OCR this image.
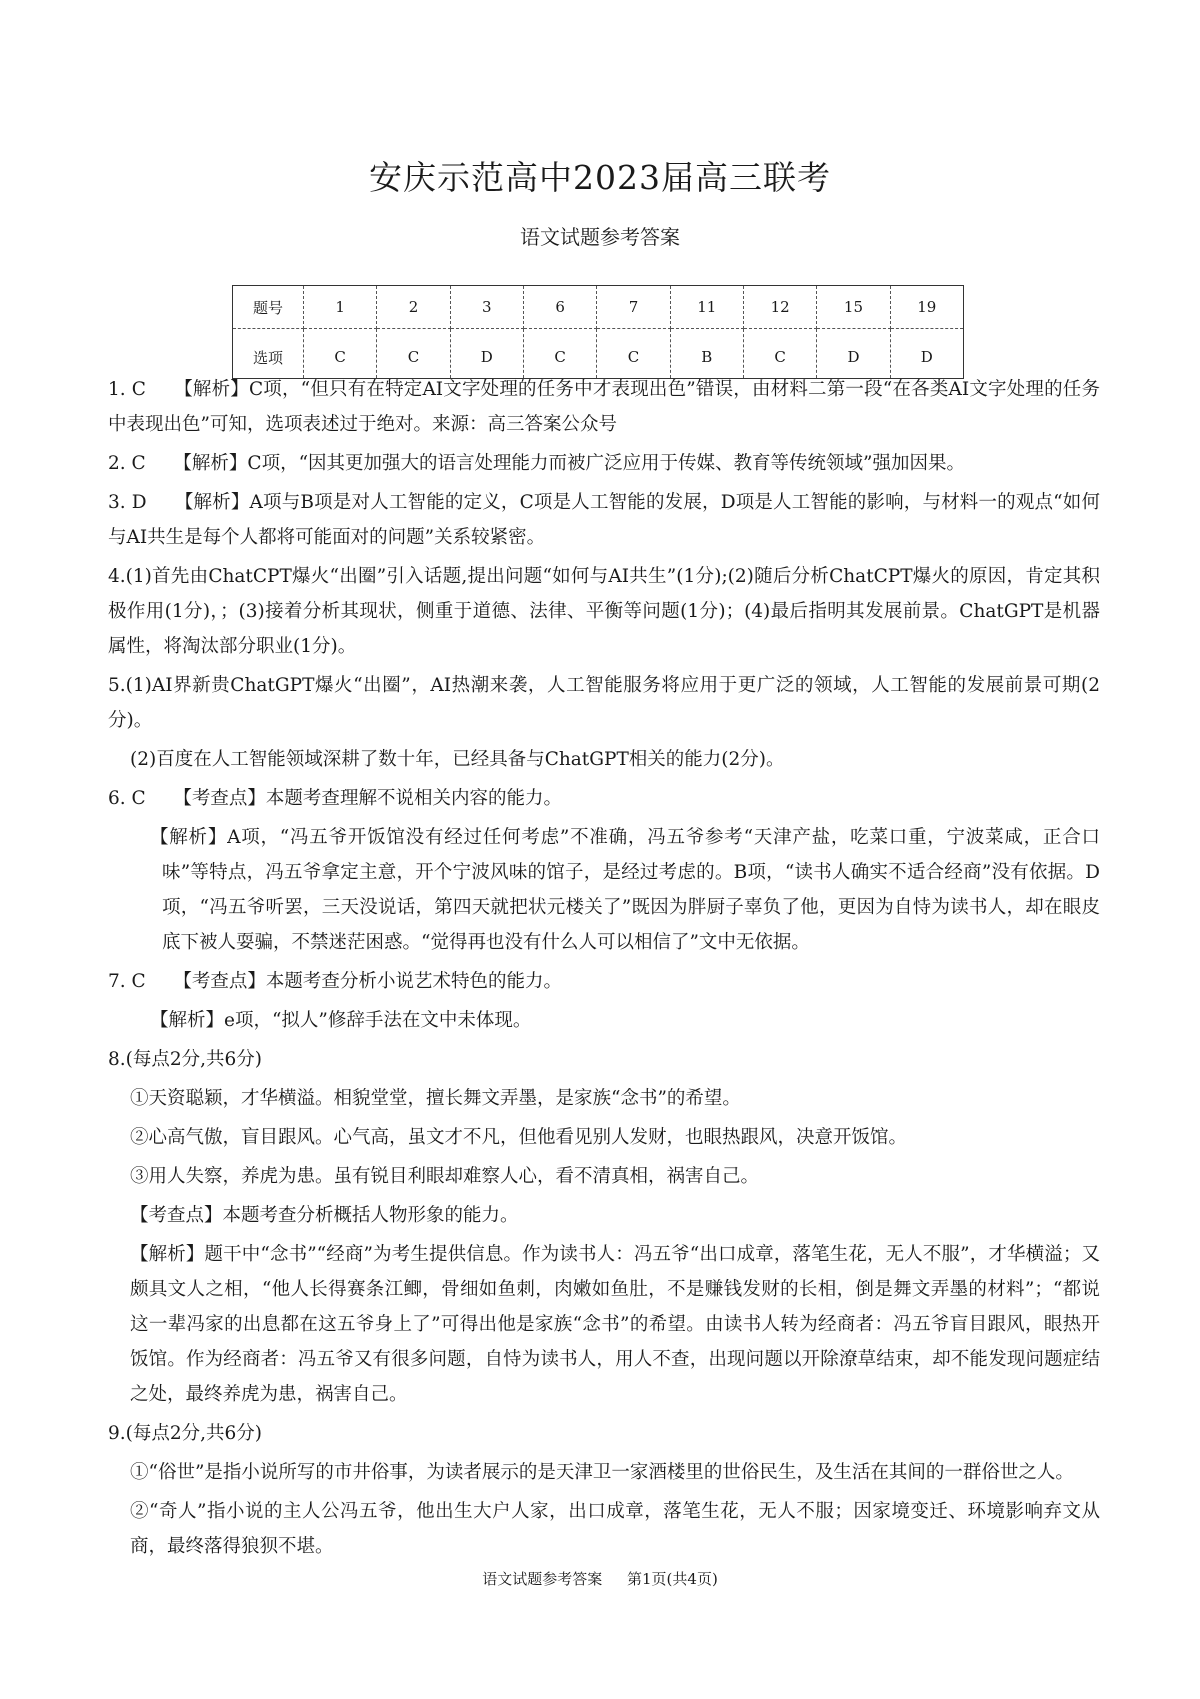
安庆示范高中2023届高三联考
语文试题参考答案
题号	1	2	3	6	7	11	12	15	19
选项	C	C	D	C	C	B	C	D	D

1. C　　【解析】C项，“但只有在特定AI文字处理的任务中才表现出色”错误，由材料二第一段“在各类AI文字处理的任务中表现出色”可知，选项表述过于绝对。来源：高三答案公众号

2. C　　【解析】C项，“因其更加强大的语言处理能力而被广泛应用于传媒、教育等传统领域”强加因果。

3. D　　【解析】A项与B项是对人工智能的定义，C项是人工智能的发展，D项是人工智能的影响，与材料一的观点“如何与AI共生是每个人都将可能面对的问题”关系较紧密。

4.(1)首先由ChatCPT爆火“出圈”引入话题,提出问题“如何与AI共生”(1分);(2)随后分析ChatCPT爆火的原因，肯定其积极作用(1分)，；(3)接着分析其现状，侧重于道德、法律、平衡等问题(1分)；(4)最后指明其发展前景。ChatGPT是机器属性，将淘汰部分职业(1分)。

5.(1)AI界新贵ChatGPT爆火“出圈”，AI热潮来袭，人工智能服务将应用于更广泛的领域，人工智能的发展前景可期(2分)。

(2)百度在人工智能领域深耕了数十年，已经具备与ChatGPT相关的能力(2分)。

6. C　　【考查点】本题考查理解不说相关内容的能力。

【解析】A项，“冯五爷开饭馆没有经过任何考虑”不准确，冯五爷参考“天津产盐，吃菜口重，宁波菜咸，正合口味”等特点，冯五爷拿定主意，开个宁波风味的馆子，是经过考虑的。B项，“读书人确实不适合经商”没有依据。D项，“冯五爷听罢，三天没说话，第四天就把状元楼关了”既因为胖厨子辜负了他，更因为自恃为读书人，却在眼皮底下被人耍骗，不禁迷茫困惑。“觉得再也没有什么人可以相信了”文中无依据。

7. C　　【考查点】本题考查分析小说艺术特色的能力。

【解析】e项，“拟人”修辞手法在文中未体现。

8.(每点2分,共6分)

①天资聪颖，才华横溢。相貌堂堂，擅长舞文弄墨，是家族“念书”的希望。

②心高气傲，盲目跟风。心气高，虽文才不凡，但他看见别人发财，也眼热跟风，决意开饭馆。

③用人失察，养虎为患。虽有锐目利眼却难察人心，看不清真相，祸害自己。

【考查点】本题考查分析概括人物形象的能力。

【解析】题干中“念书”“经商”为考生提供信息。作为读书人：冯五爷“出口成章，落笔生花，无人不服”，才华横溢；又颇具文人之相，“他人长得赛条江鲫，骨细如鱼刺，肉嫩如鱼肚，不是赚钱发财的长相，倒是舞文弄墨的材料”；“都说这一辈冯家的出息都在这五爷身上了”可得出他是家族“念书”的希望。由读书人转为经商者：冯五爷盲目跟风，眼热开饭馆。作为经商者：冯五爷又有很多问题，自恃为读书人，用人不查，出现问题以开除潦草结束，却不能发现问题症结之处，最终养虎为患，祸害自己。

9.(每点2分,共6分)

①“俗世”是指小说所写的市井俗事，为读者展示的是天津卫一家酒楼里的世俗民生，及生活在其间的一群俗世之人。

②“奇人”指小说的主人公冯五爷，他出生大户人家，出口成章，落笔生花，无人不服；因家境变迁、环境影响弃文从商，最终落得狼狈不堪。

语文试题参考答案 第1页(共4页)
